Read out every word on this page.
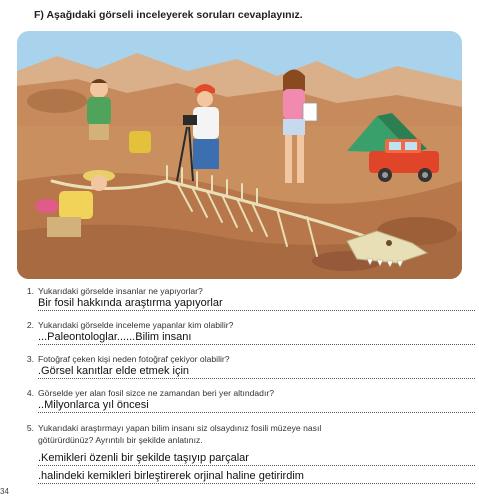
F) Aşağıdaki görseli inceleyerek soruları cevaplayınız.
1. Yukarıdaki görselde insanlar ne yapıyorlar?
Bir fosil hakkında araştırma yapıyorlar
2. Yukarıdaki görselde inceleme yapanlar kim olabilir?
...Paleontologlar......Bilim insanı
3. Fotoğraf çeken kişi neden fotoğraf çekiyor olabilir?
.Görsel kanıtlar elde etmek için
4. Görselde yer alan fosil sizce ne zamandan beri yer altındadır?
..Milyonlarca yıl öncesi
5. Yukarıdaki araştırmayı yapan bilim insanı siz olsaydınız fosili müzeye nasıl
götürürdünüz? Ayrıntılı bir şekilde anlatınız.
.Kemikleri özenli bir şekilde taşıyıp parçalar
.halindeki kemikleri birleştirerek orjinal haline getirirdim
34
